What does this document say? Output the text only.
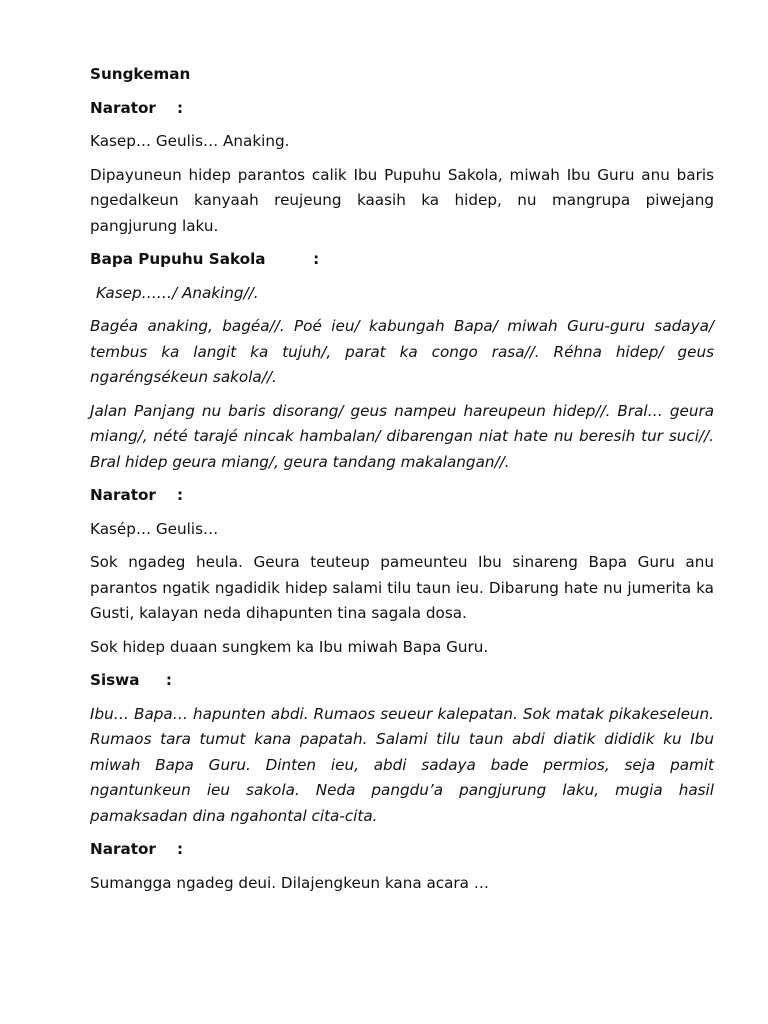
Sungkeman

Narator    :

Kasep… Geulis… Anaking.

Dipayuneun hidep parantos calik Ibu Pupuhu Sakola, miwah Ibu Guru anu baris ngedalkeun kanyaah reujeung kaasih ka hidep, nu mangrupa piwejang pangjurung laku.

Bapa Pupuhu Sakola         :

Kasep……/ Anaking//.

Bagéa anaking, bagéa//. Poé ieu/ kabungah Bapa/ miwah Guru-guru sadaya/ tembus ka langit ka tujuh/, parat ka congo rasa//. Réhna hidep/ geus ngaréngsékeun sakola//.

Jalan Panjang nu baris disorang/ geus nampeu hareupeun hidep//. Bral… geura miang/, nété tarajé nincak hambalan/ dibarengan niat hate nu beresih tur suci//. Bral hidep geura miang/, geura tandang makalangan//.

Narator    :

Kasép… Geulis…

Sok ngadeg heula. Geura teuteup pameunteu Ibu sinareng Bapa Guru anu parantos ngatik ngadidik hidep salami tilu taun ieu. Dibarung hate nu jumerita ka Gusti, kalayan neda dihapunten tina sagala dosa.

Sok hidep duaan sungkem ka Ibu miwah Bapa Guru.

Siswa     :

Ibu… Bapa… hapunten abdi. Rumaos seueur kalepatan. Sok matak pikakeseleun. Rumaos tara tumut kana papatah. Salami tilu taun abdi diatik dididik ku Ibu miwah Bapa Guru. Dinten ieu, abdi sadaya bade permios, seja pamit ngantunkeun ieu sakola. Neda pangdu’a pangjurung laku, mugia hasil pamaksadan dina ngahontal cita-cita.

Narator    :

Sumangga ngadeg deui. Dilajengkeun kana acara …
